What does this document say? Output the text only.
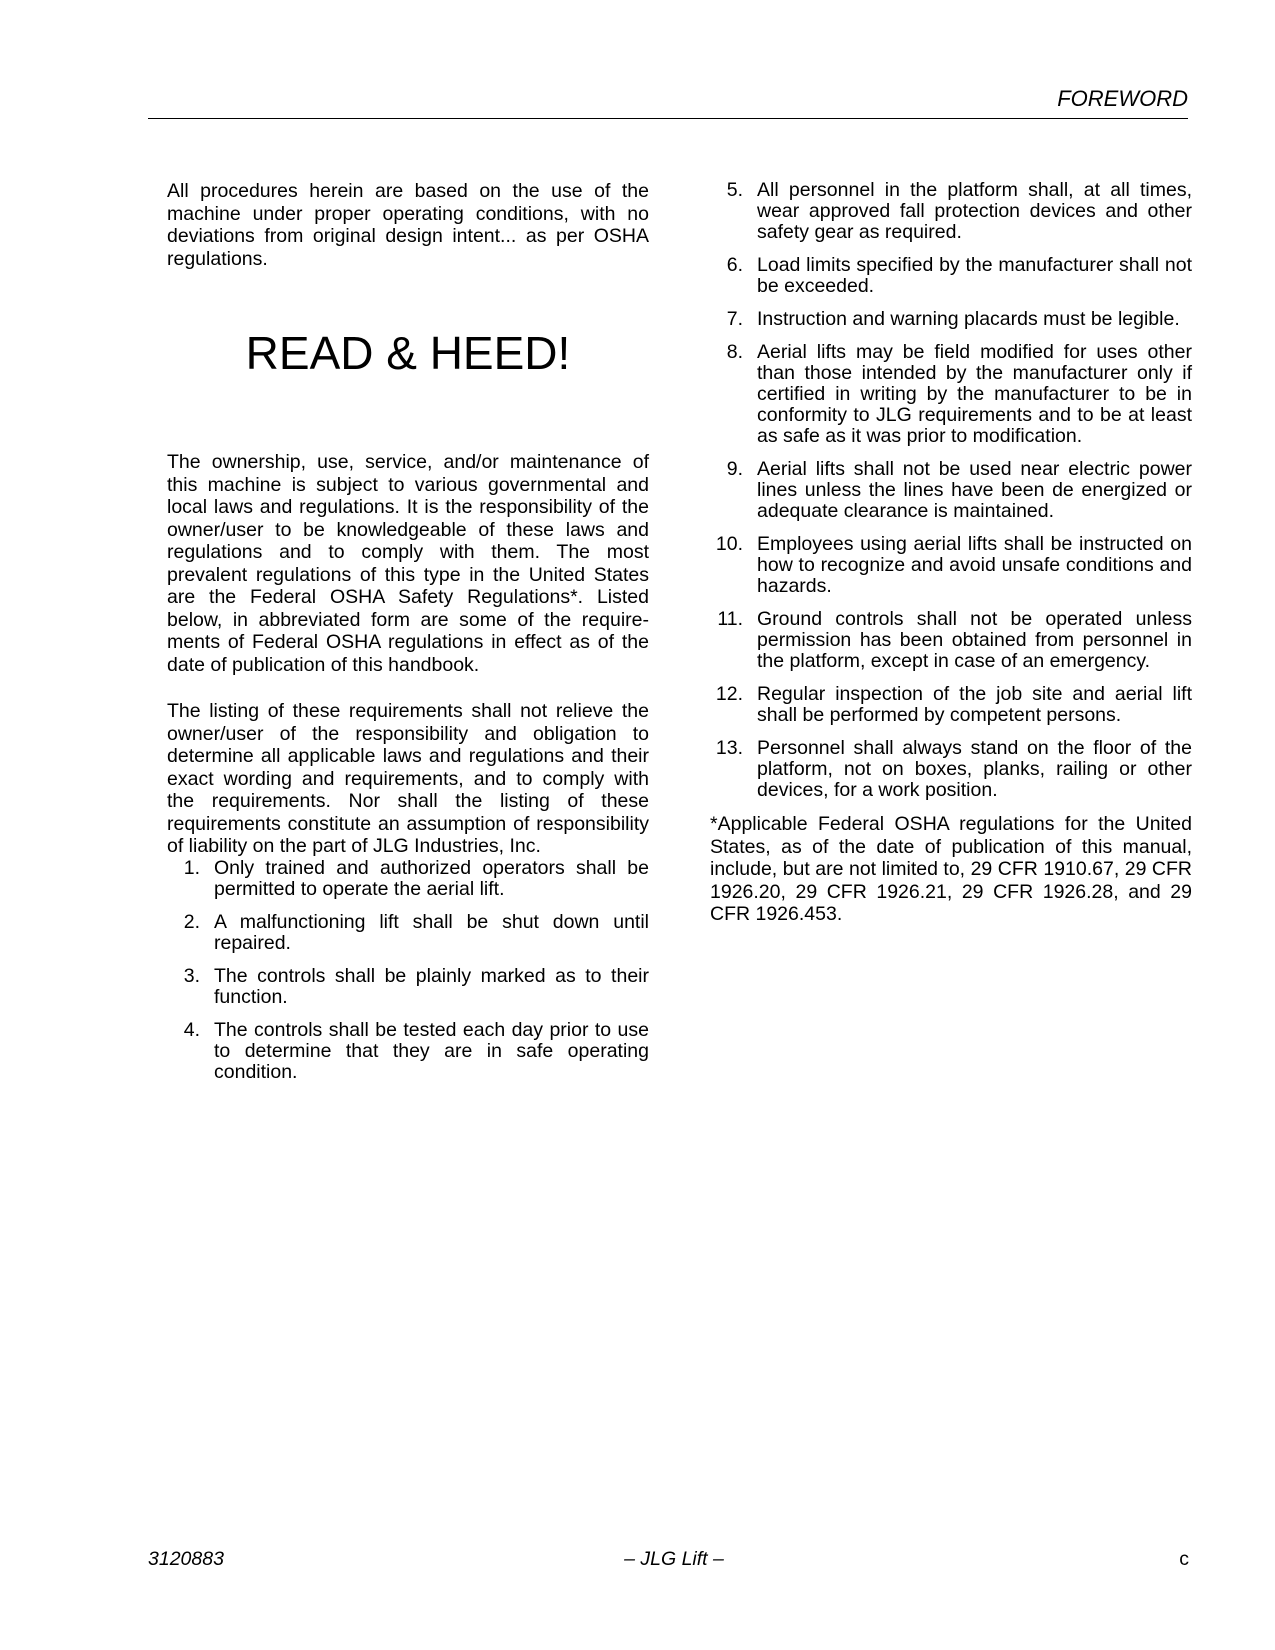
FOREWORD

All procedures herein are based on the use of the machine under proper operating conditions, with no deviations from original design intent... as per OSHA regulations.

READ & HEED!

The ownership, use, service, and/or maintenance of this machine is subject to various governmental and local laws and regulations. It is the responsibility of the owner/user to be knowledgeable of these laws and regulations and to comply with them. The most prevalent regulations of this type in the United States are the Federal OSHA Safety Regulations*. Listed below, in abbreviated form are some of the requirements of Federal OSHA regulations in effect as of the date of publication of this handbook.

The listing of these requirements shall not relieve the owner/user of the responsibility and obligation to determine all applicable laws and regulations and their exact wording and requirements, and to comply with the requirements. Nor shall the listing of these requirements constitute an assumption of responsibility of liability on the part of JLG Industries, Inc.

1. Only trained and authorized operators shall be permitted to operate the aerial lift.
2. A malfunctioning lift shall be shut down until repaired.
3. The controls shall be plainly marked as to their function.
4. The controls shall be tested each day prior to use to determine that they are in safe operating condition.
5. All personnel in the platform shall, at all times, wear approved fall protection devices and other safety gear as required.
6. Load limits specified by the manufacturer shall not be exceeded.
7. Instruction and warning placards must be legible.
8. Aerial lifts may be field modified for uses other than those intended by the manufacturer only if certified in writing by the manufacturer to be in conformity to JLG requirements and to be at least as safe as it was prior to modification.
9. Aerial lifts shall not be used near electric power lines unless the lines have been de energized or adequate clearance is maintained.
10. Employees using aerial lifts shall be instructed on how to recognize and avoid unsafe conditions and hazards.
11. Ground controls shall not be operated unless permission has been obtained from personnel in the platform, except in case of an emergency.
12. Regular inspection of the job site and aerial lift shall be performed by competent persons.
13. Personnel shall always stand on the floor of the platform, not on boxes, planks, railing or other devices, for a work position.

*Applicable Federal OSHA regulations for the United States, as of the date of publication of this manual, include, but are not limited to, 29 CFR 1910.67, 29 CFR 1926.20, 29 CFR 1926.21, 29 CFR 1926.28, and 29 CFR 1926.453.

3120883	– JLG Lift –	c
